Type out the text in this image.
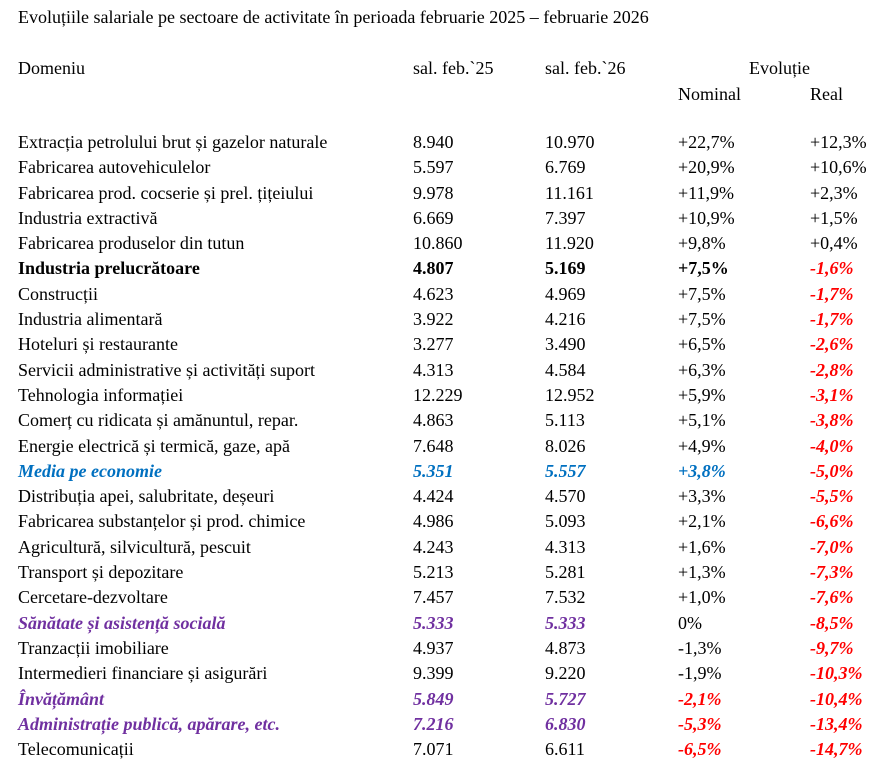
Evoluțiile salariale pe sectoare de activitate în perioada februarie 2025 – februarie 2026
Domeniu	sal. feb.`25	sal. feb.`26	Evoluție
Nominal	Real
Extracția petrolului brut și gazelor naturale	8.940	10.970	+22,7%	+12,3%
Fabricarea autovehiculelor	5.597	6.769	+20,9%	+10,6%
Fabricarea prod. cocserie și prel. țițeiului	9.978	11.161	+11,9%	+2,3%
Industria extractivă	6.669	7.397	+10,9%	+1,5%
Fabricarea produselor din tutun	10.860	11.920	+9,8%	+0,4%
Industria prelucrătoare	4.807	5.169	+7,5%	-1,6%
Construcții	4.623	4.969	+7,5%	-1,7%
Industria alimentară	3.922	4.216	+7,5%	-1,7%
Hoteluri și restaurante	3.277	3.490	+6,5%	-2,6%
Servicii administrative și activități suport	4.313	4.584	+6,3%	-2,8%
Tehnologia informației	12.229	12.952	+5,9%	-3,1%
Comerț cu ridicata și amănuntul, repar.	4.863	5.113	+5,1%	-3,8%
Energie electrică și termică, gaze, apă	7.648	8.026	+4,9%	-4,0%
Media pe economie	5.351	5.557	+3,8%	-5,0%
Distribuția apei, salubritate, deșeuri	4.424	4.570	+3,3%	-5,5%
Fabricarea substanțelor și prod. chimice	4.986	5.093	+2,1%	-6,6%
Agricultură, silvicultură, pescuit	4.243	4.313	+1,6%	-7,0%
Transport și depozitare	5.213	5.281	+1,3%	-7,3%
Cercetare-dezvoltare	7.457	7.532	+1,0%	-7,6%
Sănătate și asistență socială	5.333	5.333	0%	-8,5%
Tranzacții imobiliare	4.937	4.873	-1,3%	-9,7%
Intermedieri financiare și asigurări	9.399	9.220	-1,9%	-10,3%
Învățământ	5.849	5.727	-2,1%	-10,4%
Administrație publică, apărare, etc.	7.216	6.830	-5,3%	-13,4%
Telecomunicații	7.071	6.611	-6,5%	-14,7%
